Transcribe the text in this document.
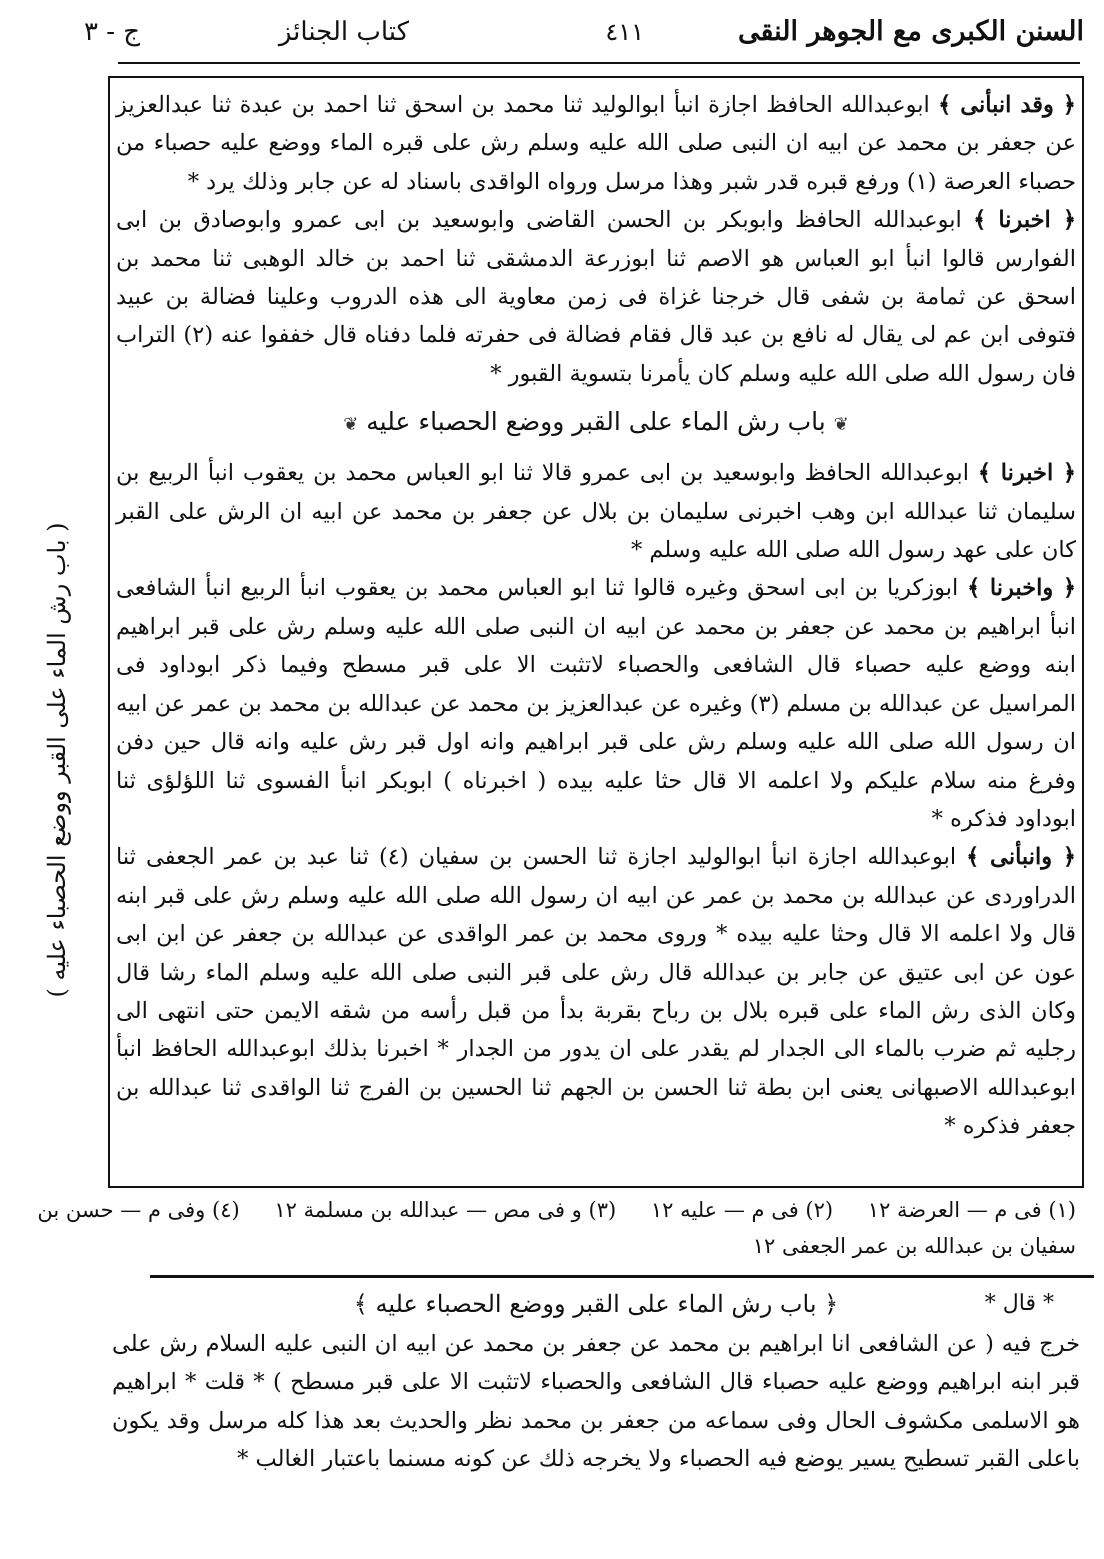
السنن الكبرى مع الجوهر النقى
٤١١
كتاب الجنائز
ج - ٣
( باب رش الماء على القبر ووضع الحصباء عليه )

﴿ وقد انبأنى ﴾ ابوعبدالله الحافظ اجازة انبأ ابوالوليد ثنا محمد بن اسحق ثنا احمد بن عبدة ثنا عبدالعزيز عن جعفر بن محمد عن ابيه ان النبى صلى الله عليه وسلم رش على قبره الماء ووضع عليه حصباء من حصباء العرصة (١) ورفع قبره قدر شبر وهذا مرسل ورواه الواقدى باسناد له عن جابر وذلك يرد *

﴿ اخبرنا ﴾ ابوعبدالله الحافظ وابوبكر بن الحسن القاضى وابوسعيد بن ابى عمرو وابوصادق بن ابى الفوارس قالوا انبأ ابو العباس هو الاصم ثنا ابوزرعة الدمشقى ثنا احمد بن خالد الوهبى ثنا محمد بن اسحق عن ثمامة بن شفى قال خرجنا غزاة فى زمن معاوية الى هذه الدروب وعلينا فضالة بن عبيد فتوفى ابن عم لى يقال له نافع بن عبد قال فقام فضالة فى حفرته فلما دفناه قال خففوا عنه (٢) التراب فان رسول الله صلى الله عليه وسلم كان يأمرنا بتسوية القبور *

❦ باب رش الماء على القبر ووضع الحصباء عليه ❦

﴿ اخبرنا ﴾ ابوعبدالله الحافظ وابوسعيد بن ابى عمرو قالا ثنا ابو العباس محمد بن يعقوب انبأ الربيع بن سليمان ثنا عبدالله ابن وهب اخبرنى سليمان بن بلال عن جعفر بن محمد عن ابيه ان الرش على القبر كان على عهد رسول الله صلى الله عليه وسلم *

﴿ واخبرنا ﴾ ابوزكريا بن ابى اسحق وغيره قالوا ثنا ابو العباس محمد بن يعقوب انبأ الربيع انبأ الشافعى انبأ ابراهيم بن محمد عن جعفر بن محمد عن ابيه ان النبى صلى الله عليه وسلم رش على قبر ابراهيم ابنه ووضع عليه حصباء قال الشافعى والحصباء لاتثبت الا على قبر مسطح وفيما ذكر ابوداود فى المراسيل عن عبدالله بن مسلم (٣) وغيره عن عبدالعزيز بن محمد عن عبدالله بن محمد بن عمر عن ابيه ان رسول الله صلى الله عليه وسلم رش على قبر ابراهيم وانه اول قبر رش عليه وانه قال حين دفن وفرغ منه سلام عليكم ولا اعلمه الا قال حثا عليه بيده ( اخبرناه ) ابوبكر انبأ الفسوى ثنا اللؤلؤى ثنا ابوداود فذكره *

﴿ وانبأنى ﴾ ابوعبدالله اجازة انبأ ابوالوليد اجازة ثنا الحسن بن سفيان (٤) ثنا عبد بن عمر الجعفى ثنا الدراوردى عن عبدالله بن محمد بن عمر عن ابيه ان رسول الله صلى الله عليه وسلم رش على قبر ابنه قال ولا اعلمه الا قال وحثا عليه بيده * وروى محمد بن عمر الواقدى عن عبدالله بن جعفر عن ابن ابى عون عن ابى عتيق عن جابر بن عبدالله قال رش على قبر النبى صلى الله عليه وسلم الماء رشا قال وكان الذى رش الماء على قبره بلال بن رباح بقربة بدأ من قبل رأسه من شقه الايمن حتى انتهى الى رجليه ثم ضرب بالماء الى الجدار لم يقدر على ان يدور من الجدار * اخبرنا بذلك ابوعبدالله الحافظ انبأ ابوعبدالله الاصبهانى يعنى ابن بطة ثنا الحسن بن الجهم ثنا الحسين بن الفرج ثنا الواقدى ثنا عبدالله بن جعفر فذكره *

(١) فى م — العرضة ١٢ (٢) فى م — عليه ١٢ (٣) و فى مص — عبدالله بن مسلمة ١٢ (٤) وفى م — حسن بن
سفيان بن عبدالله بن عمر الجعفى ١٢
* قال *
﴿ باب رش الماء على القبر ووضع الحصباء عليه ﴾
خرج فيه ( عن الشافعى انا ابراهيم بن محمد عن جعفر بن محمد عن ابيه ان النبى عليه السلام رش على قبر ابنه ابراهيم ووضع عليه حصباء قال الشافعى والحصباء لاتثبت الا على قبر مسطح ) * قلت * ابراهيم هو الاسلمى مكشوف الحال وفى سماعه من جعفر بن محمد نظر والحديث بعد هذا كله مرسل وقد يكون باعلى القبر تسطيح يسير يوضع فيه الحصباء ولا يخرجه ذلك عن كونه مسنما باعتبار الغالب *
